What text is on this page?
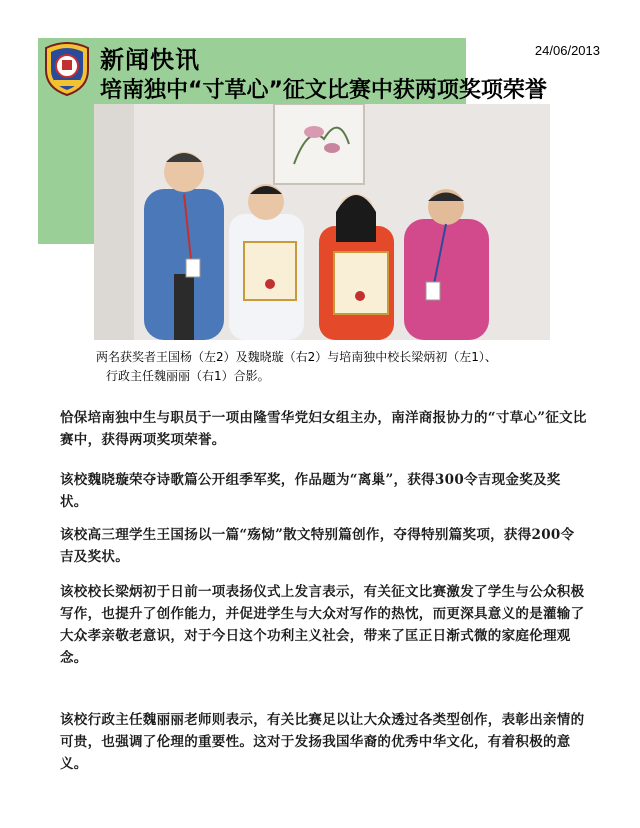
新闻快讯
培南独中“寸草心”征文比赛中获两项奖项荣誉
24/06/2013
两名获奖者王国杨（左2）及魏晓璇（右2）与培南独中校长梁炳初（左1）、
行政主任魏丽丽（右1）合影。
恰保培南独中生与职员于一项由隆雪华党妇女组主办，南洋商报协力的“寸草心”征文比赛中，获得两项奖项荣誉。
该校魏晓璇荣夺诗歌篇公开组季军奖，作品题为“离巢”，获得300令吉现金奖及奖状。
该校高三理学生王国扬以一篇“殇恸”散文特别篇创作，夺得特别篇奖项，获得200令吉及奖状。
该校校长梁炳初于日前一项表扬仪式上发言表示，有关征文比赛激发了学生与公众积极写作，也提升了创作能力，并促进学生与大众对写作的热忱，而更深具意义的是灌输了大众孝亲敬老意识，对于今日这个功利主义社会，带来了匡正日渐式微的家庭伦理观念。
该校行政主任魏丽丽老师则表示，有关比赛足以让大众透过各类型创作，表彰出亲情的可贵，也强调了伦理的重要性。这对于发扬我国华裔的优秀中华文化，有着积极的意义。
